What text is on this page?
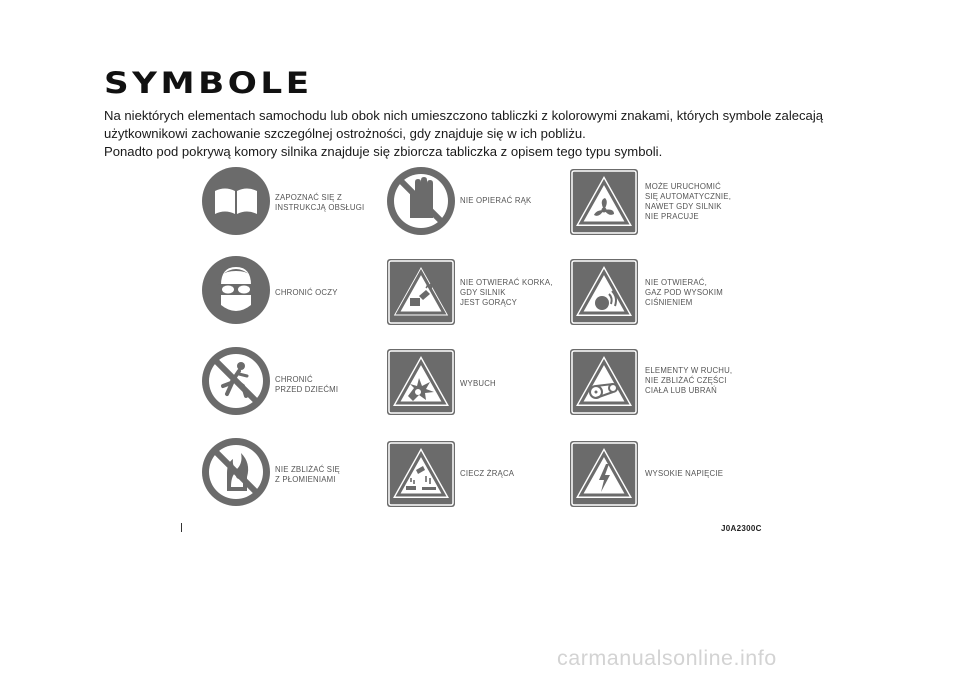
SYMBOLE

Na niektórych elementach samochodu lub obok nich umieszczono tabliczki z kolorowymi znakami, których symbole zalecają

użytkownikowi zachowanie szczególnej ostrożności, gdy znajduje się w ich pobliżu.

Ponadto pod pokrywą komory silnika znajduje się zbiorcza tabliczka z opisem tego typu symboli.

ZAPOZNAĆ SIĘ Z
INSTRUKCJĄ OBSŁUGI
CHRONIĆ OCZY
CHRONIĆ
PRZED DZIEĆMI
NIE ZBLIŻAĆ SIĘ
Z PŁOMIENIAMI
NIE OPIERAĆ RĄK
NIE OTWIERAĆ KORKA,
GDY SILNIK
JEST GORĄCY
WYBUCH
CIECZ ŻRĄCA
MOŻE URUCHOMIĆ
SIĘ AUTOMATYCZNIE,
NAWET GDY SILNIK
NIE PRACUJE
NIE OTWIERAĆ,
GAZ POD WYSOKIM
CIŚNIENIEM
ELEMENTY W RUCHU,
NIE ZBLIŻAĆ CZĘŚCI
CIAŁA LUB UBRAŃ
WYSOKIE NAPIĘCIE
J0A2300C
carmanualsonline.info
